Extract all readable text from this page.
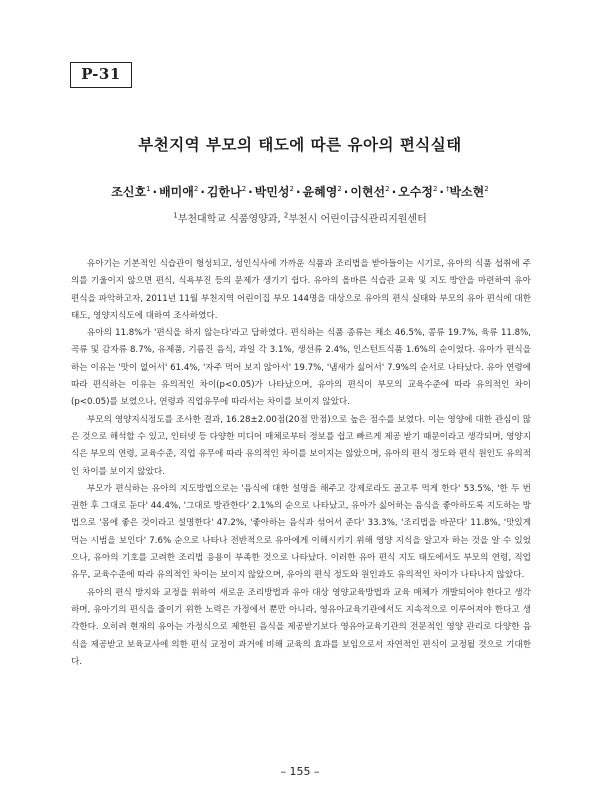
P-31
부천지역 부모의 태도에 따른 유아의 편식실태
조신호$^1$ · 배미애$^2$ · 김한나$^2$ · 박민성$^2$ · 윤혜영$^2$ · 이현선$^2$ · 오수정$^2$ · †박소현$^2$
$^1$부천대학교 식품영양과, $^2$부천시 어린이급식관리지원센터

유아기는 기본적인 식습관이 형성되고, 성인식사에 가까운 식품과 조리법을 받아들이는 시기로, 유아의 식품 섭취에 주의를 기울이지 않으면 편식, 식욕부진 등의 문제가 생기기 쉽다. 유아의 올바른 식습관 교육 및 지도 방안을 마련하여 유아 편식을 파악하고자, 2011년 11월 부천지역 어린이집 부모 144명을 대상으로 유아의 편식 실태와 부모의 유아 편식에 대한 태도, 영양지식도에 대하여 조사하였다.

유아의 11.8%가 '편식을 하지 않는다'라고 답하였다. 편식하는 식품 종류는 채소 46.5%, 콩류 19.7%, 육류 11.8%, 곡류 및 감자류 8.7%, 유제품, 기름진 음식, 과일 각 3.1%, 생선류 2.4%, 인스턴트식품 1.6%의 순이었다. 유아가 편식을 하는 이유는 '맛이 없어서' 61.4%, '자주 먹어 보지 않아서' 19.7%, '냄새가 싫어서' 7.9%의 순서로 나타났다. 유아 연령에 따라 편식하는 이유는 유의적인 차이(p<0.05)가 나타났으며, 유아의 편식이 부모의 교육수준에 따라 유의적인 차이(p<0.05)를 보였으나, 연령과 직업유무에 따라서는 차이를 보이지 않았다.

부모의 영양지식정도를 조사한 결과, 16.28±2.00점(20점 만점)으로 높은 점수를 보였다. 이는 영양에 대한 관심이 많은 것으로 해석할 수 있고, 인터넷 등 다양한 미디어 매체로부터 정보를 쉽고 빠르게 제공 받기 때문이라고 생각되며, 영양지식은 부모의 연령, 교육수준, 직업 유무에 따라 유의적인 차이를 보이지는 않았으며, 유아의 편식 정도와 편식 원인도 유의적인 차이를 보이지 않았다.

부모가 편식하는 유아의 지도방법으로는 '음식에 대한 설명을 해주고 강제로라도 골고루 먹게 한다' 53.5%, '한 두 번 권한 후 그대로 둔다' 44.4%, '그대로 방관한다' 2.1%의 순으로 나타났고, 유아가 싫어하는 음식을 좋아하도록 지도하는 방법으로 '몸에 좋은 것이라고 설명한다' 47.2%, '좋아하는 음식과 섞어서 준다' 33.3%, '조리법을 바꾼다' 11.8%, '맛있게 먹는 시범을 보인다' 7.6% 순으로 나타나 전반적으로 유아에게 이해시키기 위해 영양 지식을 알고자 하는 것을 알 수 있었으나, 유아의 기호를 고려한 조리법 응용이 부족한 것으로 나타났다. 이러한 유아 편식 지도 태도에서도 부모의 연령, 직업 유무, 교육수준에 따라 유의적인 차이는 보이지 않았으며, 유아의 편식 정도와 원인과도 유의적인 차이가 나타나지 않았다.

유아의 편식 방지와 교정을 위하여 새로운 조리방법과 유아 대상 영양교육방법과 교육 매체가 개발되어야 한다고 생각하며, 유아기의 편식을 줄이기 위한 노력은 가정에서 뿐만 아니라, 영유아교육기관에서도 지속적으로 이루어져야 한다고 생각한다. 오히려 현재의 유아는 가정식으로 제한된 음식을 제공받기보다 영유아교육기관의 전문적인 영양 관리로 다양한 음식을 제공받고 보육교사에 의한 편식 교정이 과거에 비해 교육의 효과를 보임으로서 자연적인 편식이 교정될 것으로 기대한다.

– 155 –
